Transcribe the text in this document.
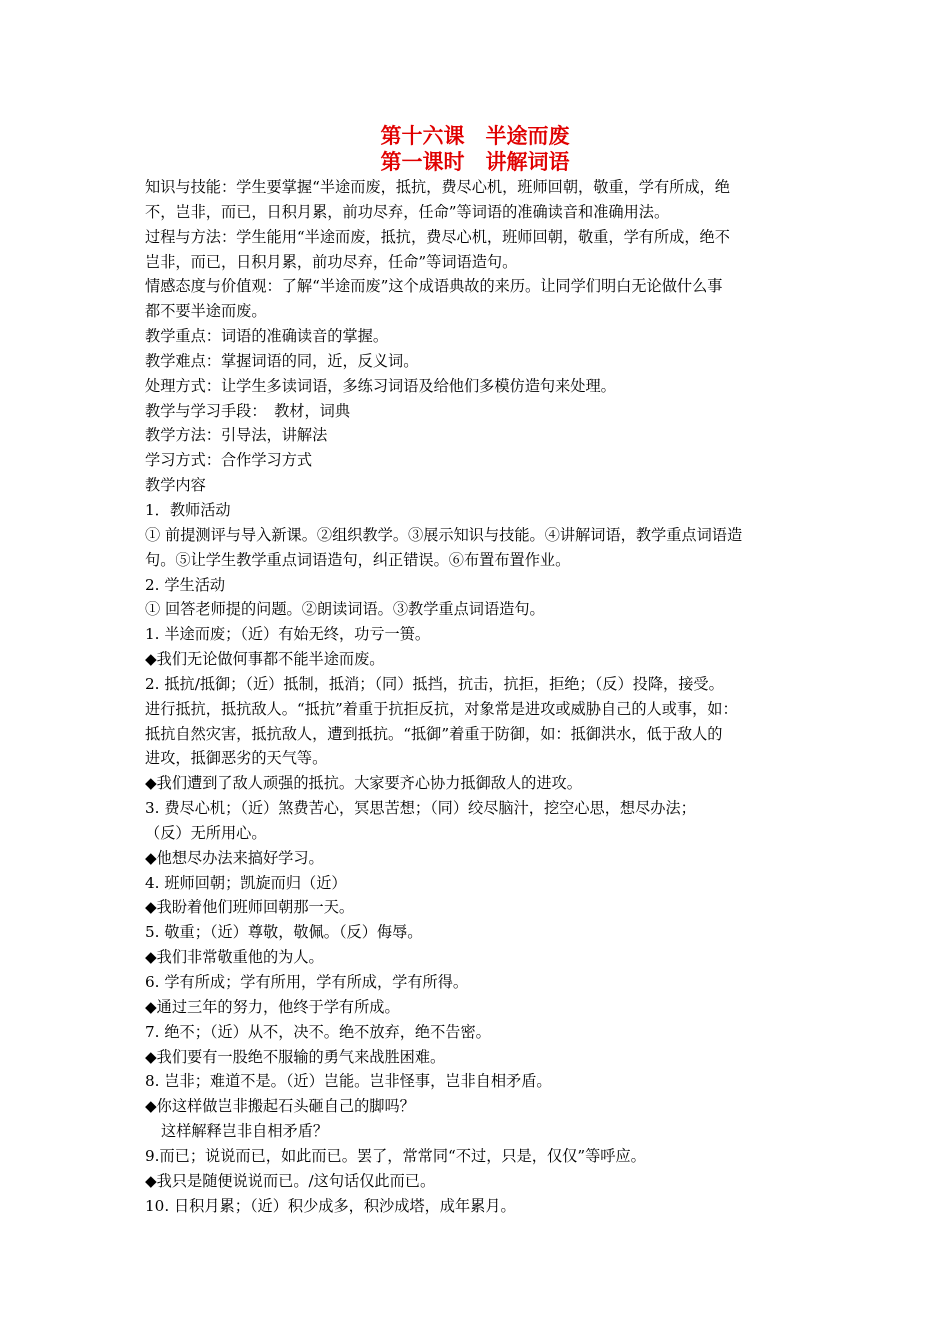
第十六课　半途而废
第一课时　讲解词语
知识与技能：学生要掌握“半途而废，抵抗，费尽心机，班师回朝，敬重，学有所成，绝
不，岂非，而已，日积月累，前功尽弃，任命”等词语的准确读音和准确用法。
过程与方法：学生能用“半途而废，抵抗，费尽心机，班师回朝，敬重，学有所成，绝不
岂非，而已，日积月累，前功尽弃，任命”等词语造句。
情感态度与价值观：了解“半途而废”这个成语典故的来历。让同学们明白无论做什么事
都不要半途而废。
教学重点：词语的准确读音的掌握。
教学难点：掌握词语的同，近，反义词。
处理方式：让学生多读词语，多练习词语及给他们多模仿造句来处理。
教学与学习手段：　教材，词典
教学方法：引导法，讲解法
学习方式：合作学习方式
教学内容
1．教师活动
① 前提测评与导入新课。②组织教学。③展示知识与技能。④讲解词语，教学重点词语造
句。⑤让学生教学重点词语造句，纠正错误。⑥布置布置作业。
2. 学生活动
① 回答老师提的问题。②朗读词语。③教学重点词语造句。
1. 半途而废；（近）有始无终，功亏一篑。
◆我们无论做何事都不能半途而废。
2. 抵抗/抵御；（近）抵制，抵消；（同）抵挡，抗击，抗拒，拒绝；（反）投降，接受。
进行抵抗，抵抗敌人。“抵抗”着重于抗拒反抗，对象常是进攻或威胁自己的人或事，如：
抵抗自然灾害，抵抗敌人，遭到抵抗。“抵御”着重于防御，如：抵御洪水，低于敌人的
进攻，抵御恶劣的天气等。
◆我们遭到了敌人顽强的抵抗。大家要齐心协力抵御敌人的进攻。
3. 费尽心机；（近）煞费苦心，冥思苦想；（同）绞尽脑汁，挖空心思，想尽办法；
（反）无所用心。
◆他想尽办法来搞好学习。
4. 班师回朝；凯旋而归（近）
◆我盼着他们班师回朝那一天。
5. 敬重；（近）尊敬，敬佩。（反）侮辱。
◆我们非常敬重他的为人。
6. 学有所成；学有所用，学有所成，学有所得。
◆通过三年的努力，他终于学有所成。
7. 绝不；（近）从不，决不。绝不放弃，绝不告密。
◆我们要有一股绝不服输的勇气来战胜困难。
8. 岂非；难道不是。（近）岂能。岂非怪事，岂非自相矛盾。
◆你这样做岂非搬起石头砸自己的脚吗？
这样解释岂非自相矛盾？
9.而已；说说而已，如此而已。罢了，常常同“不过，只是，仅仅”等呼应。
◆我只是随便说说而已。/这句话仅此而已。
10. 日积月累；（近）积少成多，积沙成塔，成年累月。
